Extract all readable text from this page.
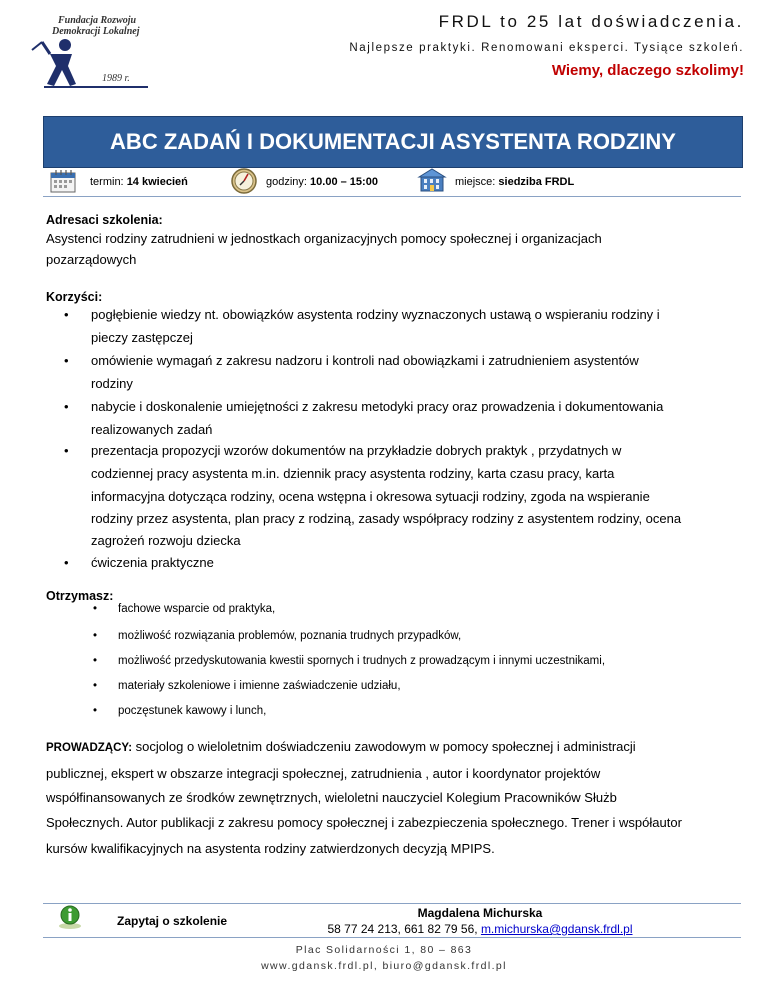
Fundacja Rozwoju
Demokracji Lokalnej
1989 r.
FRDL to 25 lat doświadczenia.
Najlepsze praktyki. Renomowani eksperci. Tysiące szkoleń.
Wiemy, dlaczego szkolimy!
ABC ZADAŃ I DOKUMENTACJI ASYSTENTA RODZINY
termin: 14 kwiecień	godziny: 10.00 – 15:00	miejsce: siedziba FRDL
Adresaci szkolenia:
Asystenci rodziny zatrudnieni w jednostkach organizacyjnych pomocy społecznej i organizacjach
pozarządowych
Korzyści:
• pogłębienie wiedzy nt. obowiązków asystenta rodziny wyznaczonych ustawą o wspieraniu rodziny i
pieczy zastępczej
• omówienie wymagań z zakresu nadzoru i kontroli nad obowiązkami i zatrudnieniem asystentów
rodziny
• nabycie i doskonalenie umiejętności z zakresu metodyki pracy oraz prowadzenia i dokumentowania
realizowanych zadań
• prezentacja propozycji wzorów dokumentów na przykładzie dobrych praktyk , przydatnych w
codziennej pracy asystenta m.in. dziennik pracy asystenta rodziny, karta czasu pracy, karta
informacyjna dotycząca rodziny, ocena wstępna i okresowa sytuacji rodziny, zgoda na wspieranie
rodziny przez asystenta, plan pracy z rodziną, zasady współpracy rodziny z asystentem rodziny, ocena
zagrożeń rozwoju dziecka
• ćwiczenia praktyczne
Otrzymasz:
• fachowe wsparcie od praktyka,
• możliwość rozwiązania problemów, poznania trudnych przypadków,
• możliwość przedyskutowania kwestii spornych i trudnych z prowadzącym i innymi uczestnikami,
• materiały szkoleniowe i imienne zaświadczenie udziału,
• poczęstunek kawowy i lunch,
PROWADZĄCY: socjolog o wieloletnim doświadczeniu zawodowym w pomocy społecznej i administracji
publicznej, ekspert w obszarze integracji społecznej, zatrudnienia , autor i koordynator projektów
współfinansowanych ze środków zewnętrznych, wieloletni nauczyciel Kolegium Pracowników Służb
Społecznych. Autor publikacji z zakresu pomocy społecznej i zabezpieczenia społecznego. Trener i współautor
kursów kwalifikacyjnych na asystenta rodziny zatwierdzonych decyzją MPIPS.
Zapytaj o szkolenie
Magdalena Michurska
58 77 24 213, 661 82 79 56, m.michurska@gdansk.frdl.pl
Plac Solidarności 1, 80 – 863
www.gdansk.frdl.pl, biuro@gdansk.frdl.pl
